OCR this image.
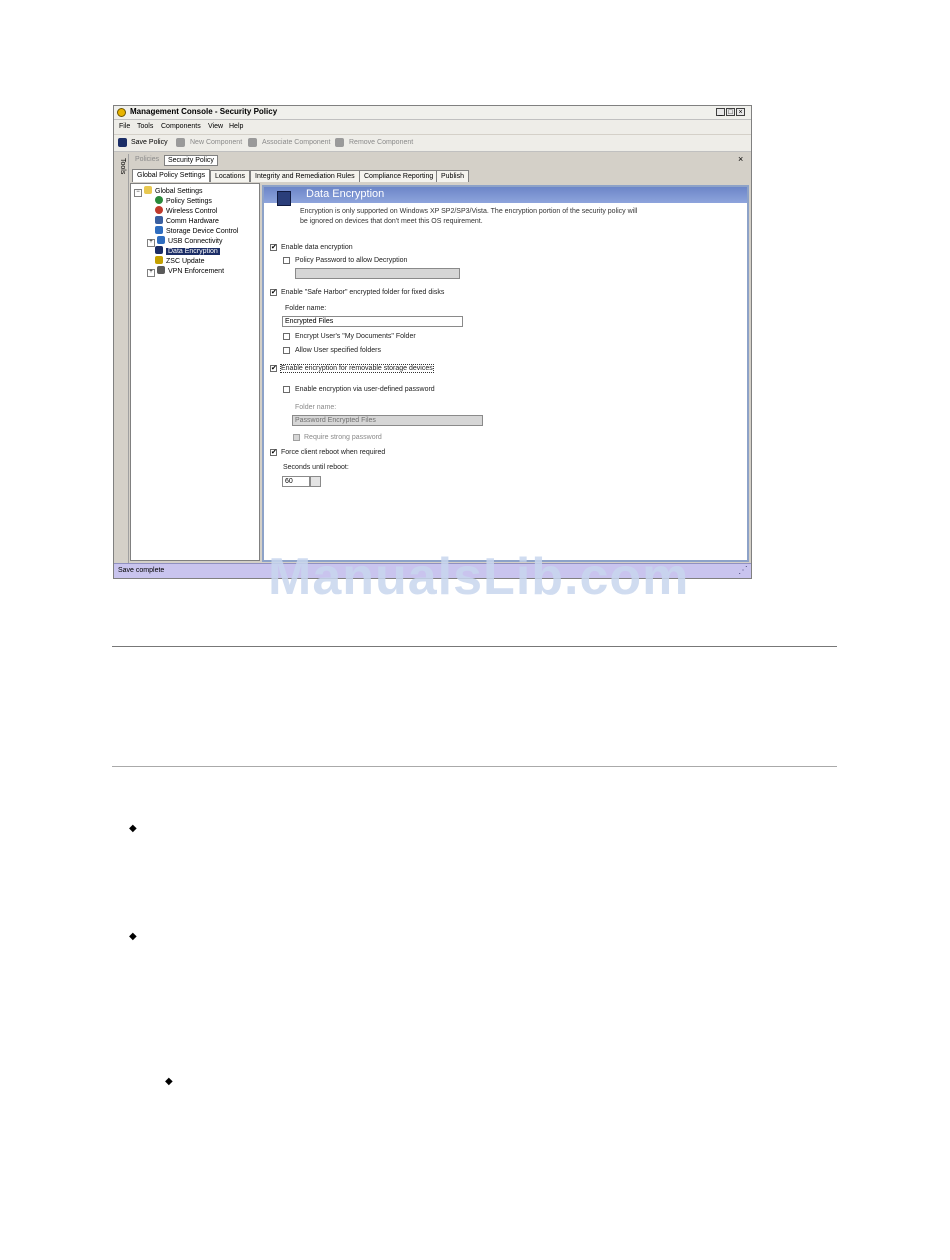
Management Console - Security Policy	_ □ ×
File Tools Components View Help
Save Policy	New Component	Associate Component	Remove Component
Tools	Policies	Security Policy	×
Global Policy Settings	Locations	Integrity and Remediation Rules	Compliance Reporting	Publish
− Global Settings
Policy Settings
Wireless Control
Comm Hardware
Storage Device Control
+ USB Connectivity
Data Encryption
ZSC Update
+ VPN Enforcement
Data Encryption
Encryption is only supported on Windows XP SP2/SP3/Vista. The encryption portion of the security policy will be ignored on devices that don't meet this OS requirement.
✔ Enable data encryption
Policy Password to allow Decryption
✔ Enable "Safe Harbor" encrypted folder for fixed disks
Folder name:
Encrypted Files
Encrypt User's "My Documents" Folder
Allow User specified folders
✔ Enable encryption for removable storage devices
Enable encryption via user-defined password
Folder name:
Password Encrypted Files
Require strong password
✔ Force client reboot when required
Seconds until reboot:
60
Save complete	⋰
ManualsLib.com
◆
◆
◆
